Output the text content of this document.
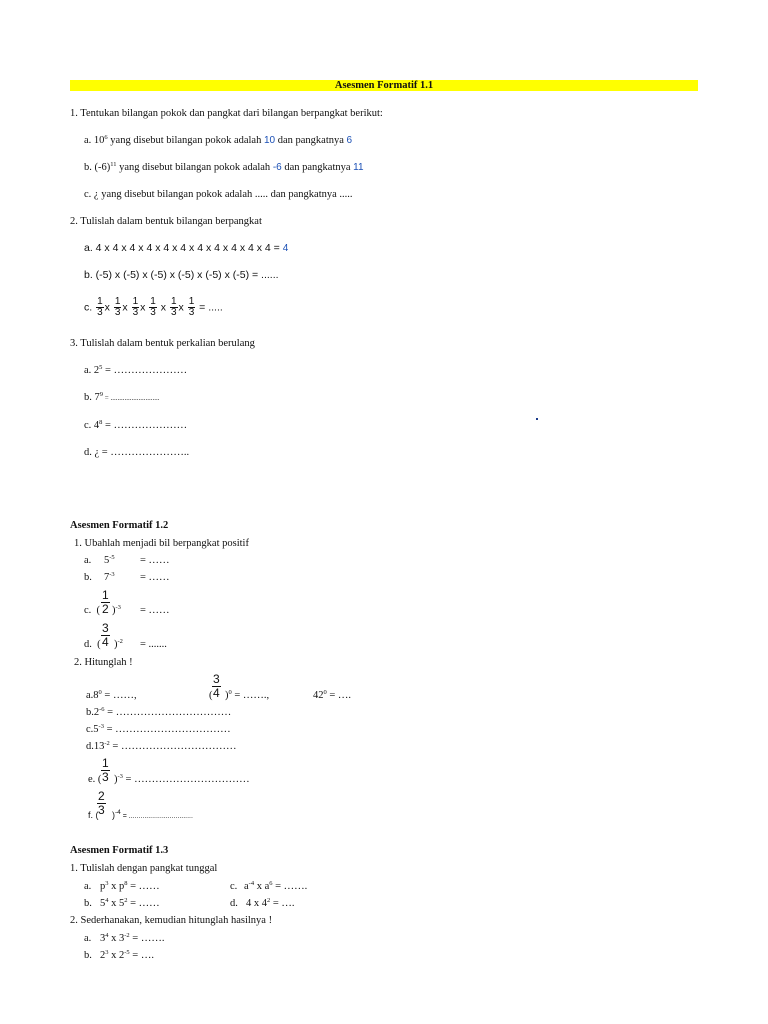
Asesmen Formatif 1.1
1. Tentukan bilangan pokok dan pangkat dari bilangan berpangkat berikut:
a. $10^6$ yang disebut bilangan pokok adalah 10 dan pangkatnya 6
b. $(-6)^{11}$ yang disebut bilangan pokok adalah -6 dan pangkatnya 11
c. ¿ yang disebut bilangan pokok adalah ..... dan pangkatnya .....
2. Tulislah dalam bentuk bilangan berpangkat
a. 4 x 4 x 4 x 4 x 4 x 4 x 4 x 4 x 4 x 4 x 4 = 4
b. (-5) x (-5) x (-5) x (-5) x (-5) x (-5) = ......
c. $\frac{1}{3}$ x $\frac{1}{3}$ x $\frac{1}{3}$ x $\frac{1}{3}$ x $\frac{1}{3}$ x $\frac{1}{3}$ = .....
3. Tulislah dalam bentuk perkalian berulang
a. $2^5$ = …………………
b. $7^9$ = ............................
c. $4^8$ = …………………
d. ¿ = …………………..
Asesmen Formatif 1.2
1. Ubahlah menjadi bil berpangkat positif
a. $5^{-5}$ = ……
b. $7^{-3}$ = ……
c.  (
1
2 )$^{-3}$ = ……
d.  (
3
4 )$^{-2}$ = .......
2. Hitunglah !
$a.8^0$ = ……,	(
3
4 )$^0$ = …….,	$42^0$ = ….
$b.2^{-6}$ = ……………………………
$c.5^{-3}$ = ……………………………
$d.13^{-2}$ = ……………………………
e. (
1
3 )$^{-3}$ = ……………………………
f. (
2
3 )$^{-4}$ = .................................
Asesmen Formatif 1.3
1. Tulislah dengan pangkat tunggal
a. $p^3$ x $p^8$ = ……	c. $a^{-4}$ x $a^6$ = …….
b. $5^4$ x $5^2$ = ……	d. 4 x $4^2$ = ….
2. Sederhanakan, kemudian hitunglah hasilnya !
a. $3^4$ x $3^{-2}$ = …….
b. $2^3$ x $2^{-5}$ = ….
